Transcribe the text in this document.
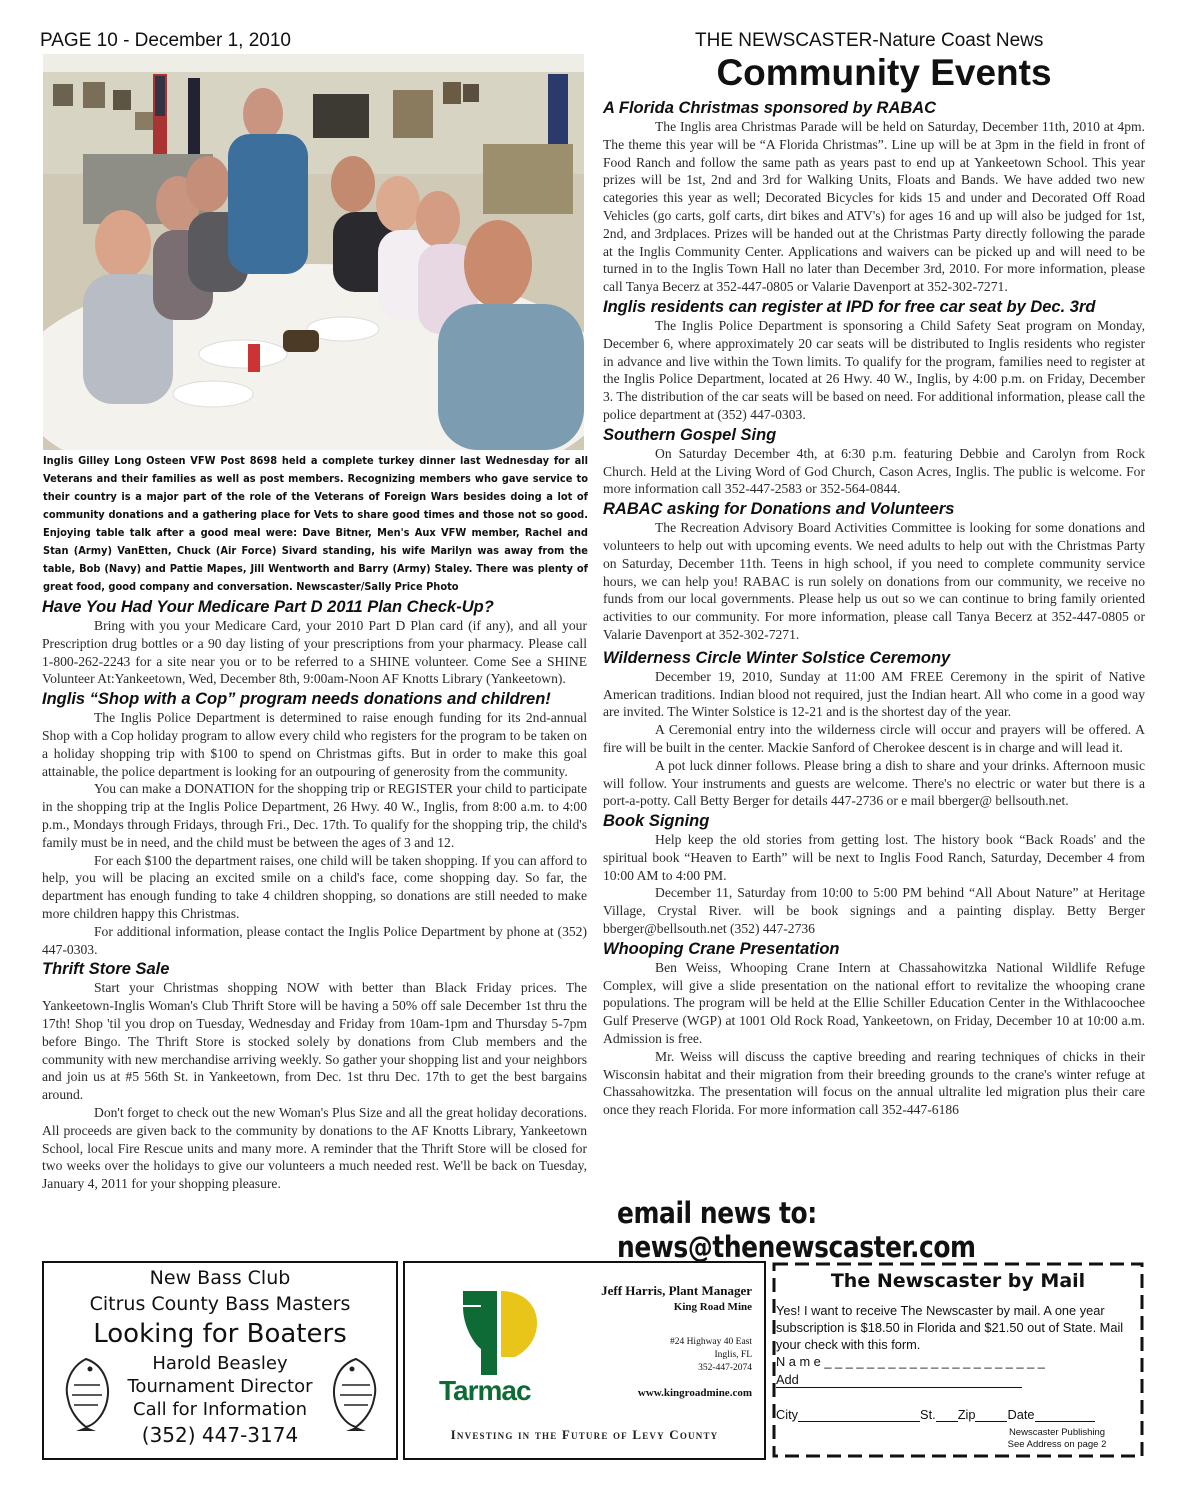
PAGE 10 - December 1, 2010	THE NEWSCASTER-Nature Coast News
Community Events
Inglis Gilley Long Osteen VFW Post 8698 held a complete turkey dinner last Wednesday for all Veterans and their families as well as post members. Recognizing members who gave service to their country is a major part of the role of the Veterans of Foreign Wars besides doing a lot of community donations and a gathering place for Vets to share good times and those not so good. Enjoying table talk after a good meal were: Dave Bitner, Men's Aux VFW member, Rachel and Stan (Army) VanEtten, Chuck (Air Force) Sivard standing, his wife Marilyn was away from the table, Bob (Navy) and Pattie Mapes, Jill Wentworth and Barry (Army) Staley. There was plenty of great food, good company and conversation. Newscaster/Sally Price Photo
Have You Had Your Medicare Part D 2011 Plan Check-Up?

Bring with you your Medicare Card, your 2010 Part D Plan card (if any), and all your Prescription drug bottles or a 90 day listing of your prescriptions from your pharmacy. Please call 1-800-262-2243 for a site near you or to be referred to a SHINE volunteer. Come See a SHINE Volunteer At:Yankeetown, Wed, December 8th, 9:00am-Noon AF Knotts Library (Yankeetown).

Inglis “Shop with a Cop” program needs donations and children!

The Inglis Police Department is determined to raise enough funding for its 2nd-annual Shop with a Cop holiday program to allow every child who registers for the program to be taken on a holiday shopping trip with $100 to spend on Christmas gifts. But in order to make this goal attainable, the police department is looking for an outpouring of generosity from the community.

You can make a DONATION for the shopping trip or REGISTER your child to participate in the shopping trip at the Inglis Police Department, 26 Hwy. 40 W., Inglis, from 8:00 a.m. to 4:00 p.m., Mondays through Fridays, through Fri., Dec. 17th. To qualify for the shopping trip, the child's family must be in need, and the child must be between the ages of 3 and 12.

For each $100 the department raises, one child will be taken shopping. If you can afford to help, you will be placing an excited smile on a child's face, come shopping day. So far, the department has enough funding to take 4 children shopping, so donations are still needed to make more children happy this Christmas.

For additional information, please contact the Inglis Police Department by phone at (352) 447-0303.

Thrift Store Sale

Start your Christmas shopping NOW with better than Black Friday prices. The Yankeetown-Inglis Woman's Club Thrift Store will be having a 50% off sale December 1st thru the 17th! Shop 'til you drop on Tuesday, Wednesday and Friday from 10am-1pm and Thursday 5-7pm before Bingo. The Thrift Store is stocked solely by donations from Club members and the community with new merchandise arriving weekly. So gather your shopping list and your neighbors and join us at #5 56th St. in Yankeetown, from Dec. 1st thru Dec. 17th to get the best bargains around.

Don't forget to check out the new Woman's Plus Size and all the great holiday decorations. All proceeds are given back to the community by donations to the AF Knotts Library, Yankeetown School, local Fire Rescue units and many more. A reminder that the Thrift Store will be closed for two weeks over the holidays to give our volunteers a much needed rest. We'll be back on Tuesday, January 4, 2011 for your shopping pleasure.

A Florida Christmas sponsored by RABAC

The Inglis area Christmas Parade will be held on Saturday, December 11th, 2010 at 4pm. The theme this year will be “A Florida Christmas”. Line up will be at 3pm in the field in front of Food Ranch and follow the same path as years past to end up at Yankeetown School. This year prizes will be 1st, 2nd and 3rd for Walking Units, Floats and Bands. We have added two new categories this year as well; Decorated Bicycles for kids 15 and under and Decorated Off Road Vehicles (go carts, golf carts, dirt bikes and ATV's) for ages 16 and up will also be judged for 1st, 2nd, and 3rdplaces. Prizes will be handed out at the Christmas Party directly following the parade at the Inglis Community Center. Applications and waivers can be picked up and will need to be turned in to the Inglis Town Hall no later than December 3rd, 2010. For more information, please call Tanya Becerz at 352-447-0805 or Valarie Davenport at 352-302-7271.

Inglis residents can register at IPD for free car seat by Dec. 3rd

The Inglis Police Department is sponsoring a Child Safety Seat program on Monday, December 6, where approximately 20 car seats will be distributed to Inglis residents who register in advance and live within the Town limits. To qualify for the program, families need to register at the Inglis Police Department, located at 26 Hwy. 40 W., Inglis, by 4:00 p.m. on Friday, December 3. The distribution of the car seats will be based on need. For additional information, please call the police department at (352) 447-0303.

Southern Gospel Sing

On Saturday December 4th, at 6:30 p.m. featuring Debbie and Carolyn from Rock Church. Held at the Living Word of God Church, Cason Acres, Inglis. The public is welcome. For more information call 352-447-2583 or 352-564-0844.

RABAC asking for Donations and Volunteers

The Recreation Advisory Board Activities Committee is looking for some donations and volunteers to help out with upcoming events. We need adults to help out with the Christmas Party on Saturday, December 11th. Teens in high school, if you need to complete community service hours, we can help you! RABAC is run solely on donations from our community, we receive no funds from our local governments. Please help us out so we can continue to bring family oriented activities to our community. For more information, please call Tanya Becerz at 352-447-0805 or Valarie Davenport at 352-302-7271.

Wilderness Circle Winter Solstice Ceremony

December 19, 2010, Sunday at 11:00 AM FREE Ceremony in the spirit of Native American traditions. Indian blood not required, just the Indian heart. All who come in a good way are invited. The Winter Solstice is 12-21 and is the shortest day of the year.

A Ceremonial entry into the wilderness circle will occur and prayers will be offered. A fire will be built in the center. Mackie Sanford of Cherokee descent is in charge and will lead it.

A pot luck dinner follows. Please bring a dish to share and your drinks. Afternoon music will follow. Your instruments and guests are welcome. There's no electric or water but there is a port-a-potty. Call Betty Berger for details 447-2736 or e mail bberger@ bellsouth.net.

Book Signing

Help keep the old stories from getting lost. The history book “Back Roads' and the spiritual book “Heaven to Earth” will be next to Inglis Food Ranch, Saturday, December 4 from 10:00 AM to 4:00 PM.

December 11, Saturday from 10:00 to 5:00 PM behind “All About Nature” at Heritage Village, Crystal River. will be book signings and a painting display. Betty Berger bberger@bellsouth.net (352) 447-2736

Whooping Crane Presentation

Ben Weiss, Whooping Crane Intern at Chassahowitzka National Wildlife Refuge Complex, will give a slide presentation on the national effort to revitalize the whooping crane populations. The program will be held at the Ellie Schiller Education Center in the Withlacoochee Gulf Preserve (WGP) at 1001 Old Rock Road, Yankeetown, on Friday, December 10 at 10:00 a.m. Admission is free.

Mr. Weiss will discuss the captive breeding and rearing techniques of chicks in their Wisconsin habitat and their migration from their breeding grounds to the crane's winter refuge at Chassahowitzka. The presentation will focus on the annual ultralite led migration plus their care once they reach Florida. For more information call 352-447-6186

email news to: news@thenewscaster.com
New Bass Club
Citrus County Bass Masters
Looking for Boaters
Harold Beasley
Tournament Director
Call for Information
(352) 447-3174
Tarmac
Jeff Harris, Plant Manager
King Road Mine
#24 Highway 40 East
Inglis, FL
352-447-2074
www.kingroadmine.com
Investing in the Future of Levy County
The Newscaster by Mail
Yes! I want to receive The Newscaster by mail. A one year subscription is $18.50 in Florida and $21.50 out of State. Mail your check with this form.
N a m e _ _ _ _ _ _ _ _ _ _ _ _ _ _ _ _ _ _ _ _ _
Add
City	St. Zip	Date
Newscaster Publishing
See Address on page 2
